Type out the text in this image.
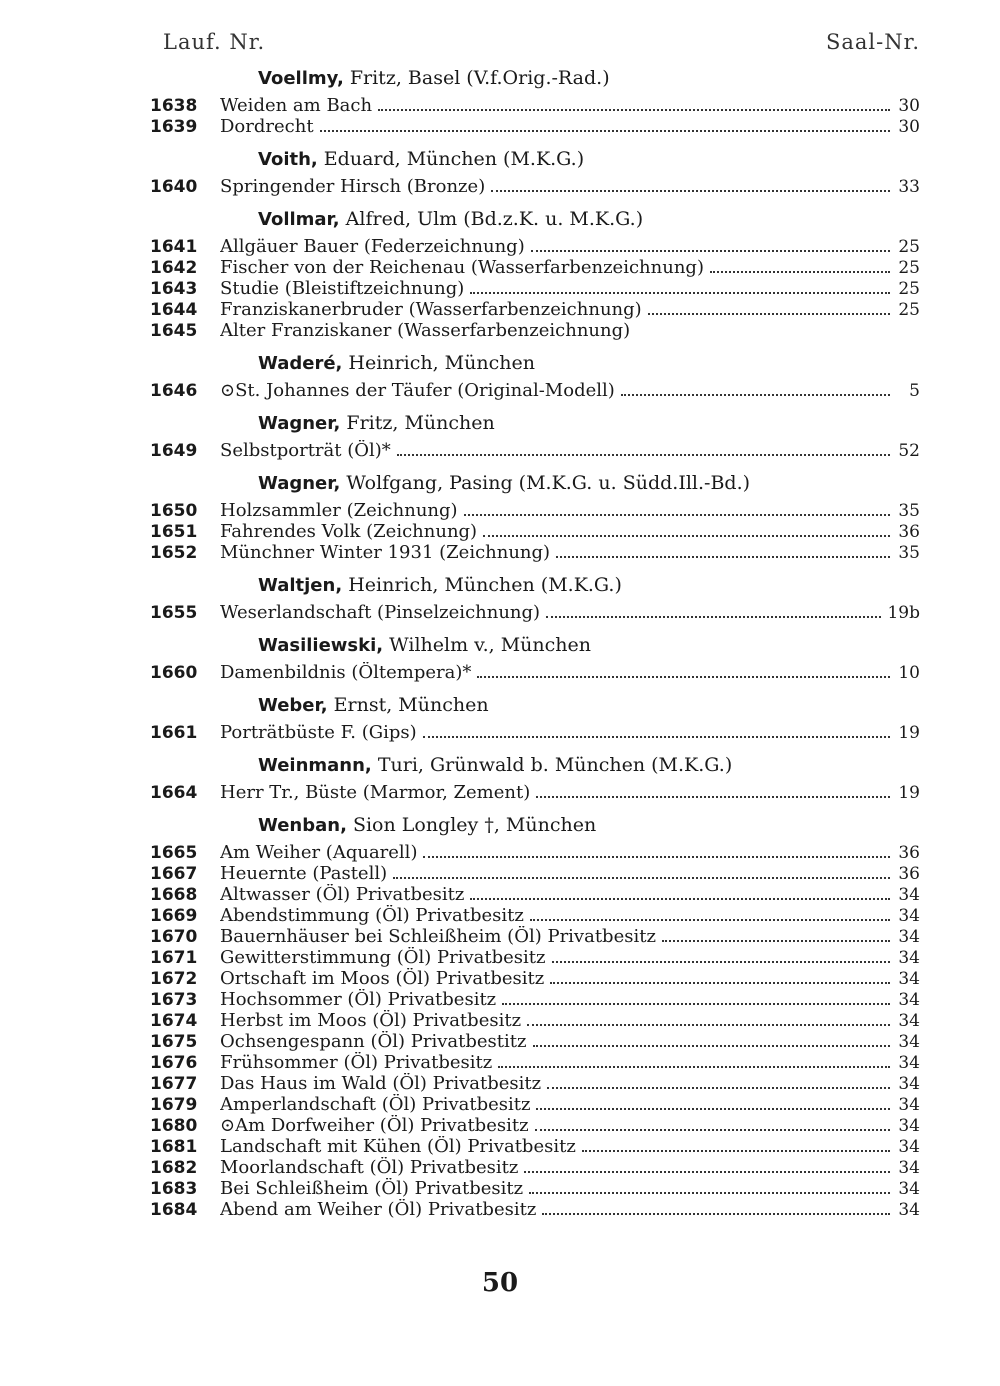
Lauf. Nr.	Saal-Nr.
Voellmy, Fritz, Basel (V.f.Orig.-Rad.)
1638	Weiden am Bach	30
1639	Dordrecht	30
Voith, Eduard, München (M.K.G.)
1640	Springender Hirsch (Bronze)	33
Vollmar, Alfred, Ulm (Bd.z.K. u. M.K.G.)
1641	Allgäuer Bauer (Federzeichnung)	25
1642	Fischer von der Reichenau (Wasserfarbenzeichnung)	25
1643	Studie (Bleistiftzeichnung)	25
1644	Franziskanerbruder (Wasserfarbenzeichnung)	25
1645	Alter Franziskaner (Wasserfarbenzeichnung)
Waderé, Heinrich, München
1646	⊙St. Johannes der Täufer (Original-Modell)	5
Wagner, Fritz, München
1649	Selbstporträt (Öl)*	52
Wagner, Wolfgang, Pasing (M.K.G. u. Südd.Ill.-Bd.)
1650	Holzsammler (Zeichnung)	35
1651	Fahrendes Volk (Zeichnung)	36
1652	Münchner Winter 1931 (Zeichnung)	35
Waltjen, Heinrich, München (M.K.G.)
1655	Weserlandschaft (Pinselzeichnung)	19b
Wasiliewski, Wilhelm v., München
1660	Damenbildnis (Öltempera)*	10
Weber, Ernst, München
1661	Porträtbüste F. (Gips)	19
Weinmann, Turi, Grünwald b. München (M.K.G.)
1664	Herr Tr., Büste (Marmor, Zement)	19
Wenban, Sion Longley †, München
1665	Am Weiher (Aquarell)	36
1667	Heuernte (Pastell)	36
1668	Altwasser (Öl) Privatbesitz	34
1669	Abendstimmung (Öl) Privatbesitz	34
1670	Bauernhäuser bei Schleißheim (Öl) Privatbesitz	34
1671	Gewitterstimmung (Öl) Privatbesitz	34
1672	Ortschaft im Moos (Öl) Privatbesitz	34
1673	Hochsommer (Öl) Privatbesitz	34
1674	Herbst im Moos (Öl) Privatbesitz	34
1675	Ochsengespann (Öl) Privatbestitz	34
1676	Frühsommer (Öl) Privatbesitz	34
1677	Das Haus im Wald (Öl) Privatbesitz	34
1679	Amperlandschaft (Öl) Privatbesitz	34
1680	⊙Am Dorfweiher (Öl) Privatbesitz	34
1681	Landschaft mit Kühen (Öl) Privatbesitz	34
1682	Moorlandschaft (Öl) Privatbesitz	34
1683	Bei Schleißheim (Öl) Privatbesitz	34
1684	Abend am Weiher (Öl) Privatbesitz	34
50
